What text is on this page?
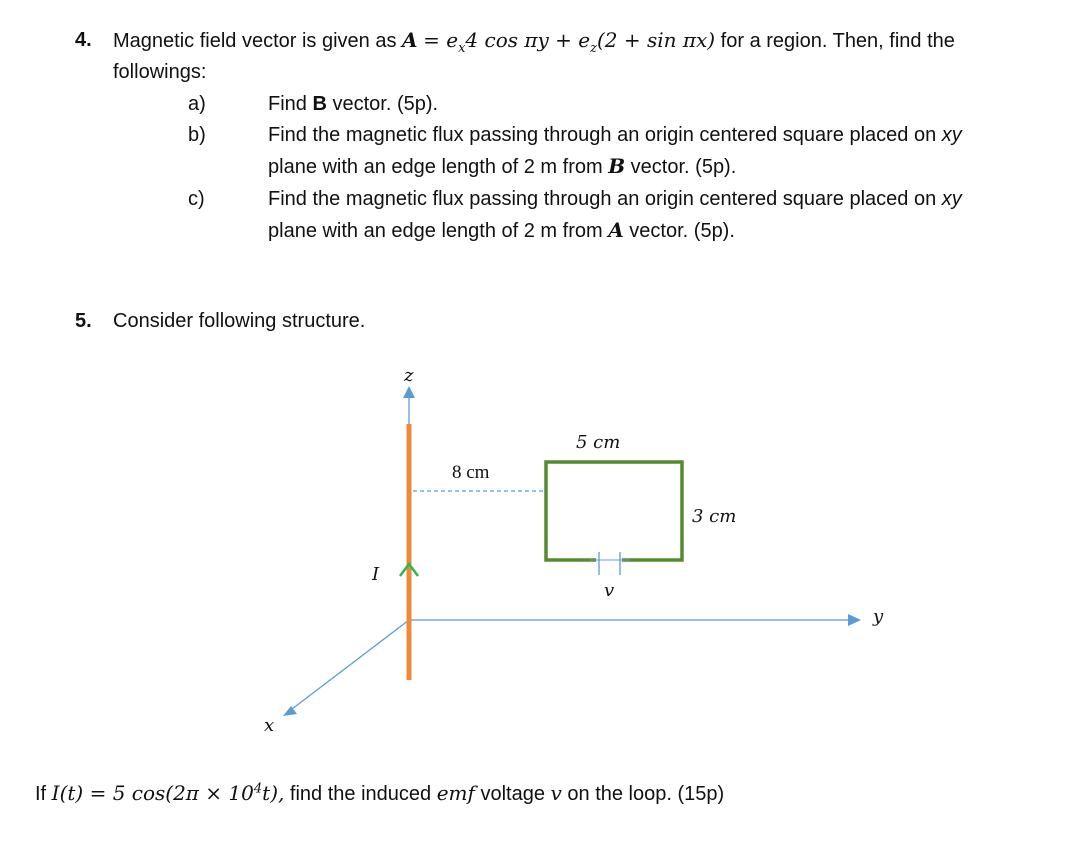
4. Magnetic field vector is given as $A = e_x4$ $\cos \pi y + e_z(2 + \sin \pi x)$ for a region. Then, find the
followings:
a)	Find B vector. (5p).
b)	Find the magnetic flux passing through an origin centered square placed on xy
plane with an edge length of 2 m from B vector. (5p).
c)	Find the magnetic flux passing through an origin centered square placed on xy
plane with an edge length of 2 m from A vector. (5p).
5. Consider following structure.
z
y
x
I
5 cm
8 cm
3 cm
v
If I(t) = 5 $\cos(2\pi \times 10^4t)$, find the induced emf voltage v on the loop. (15p)
